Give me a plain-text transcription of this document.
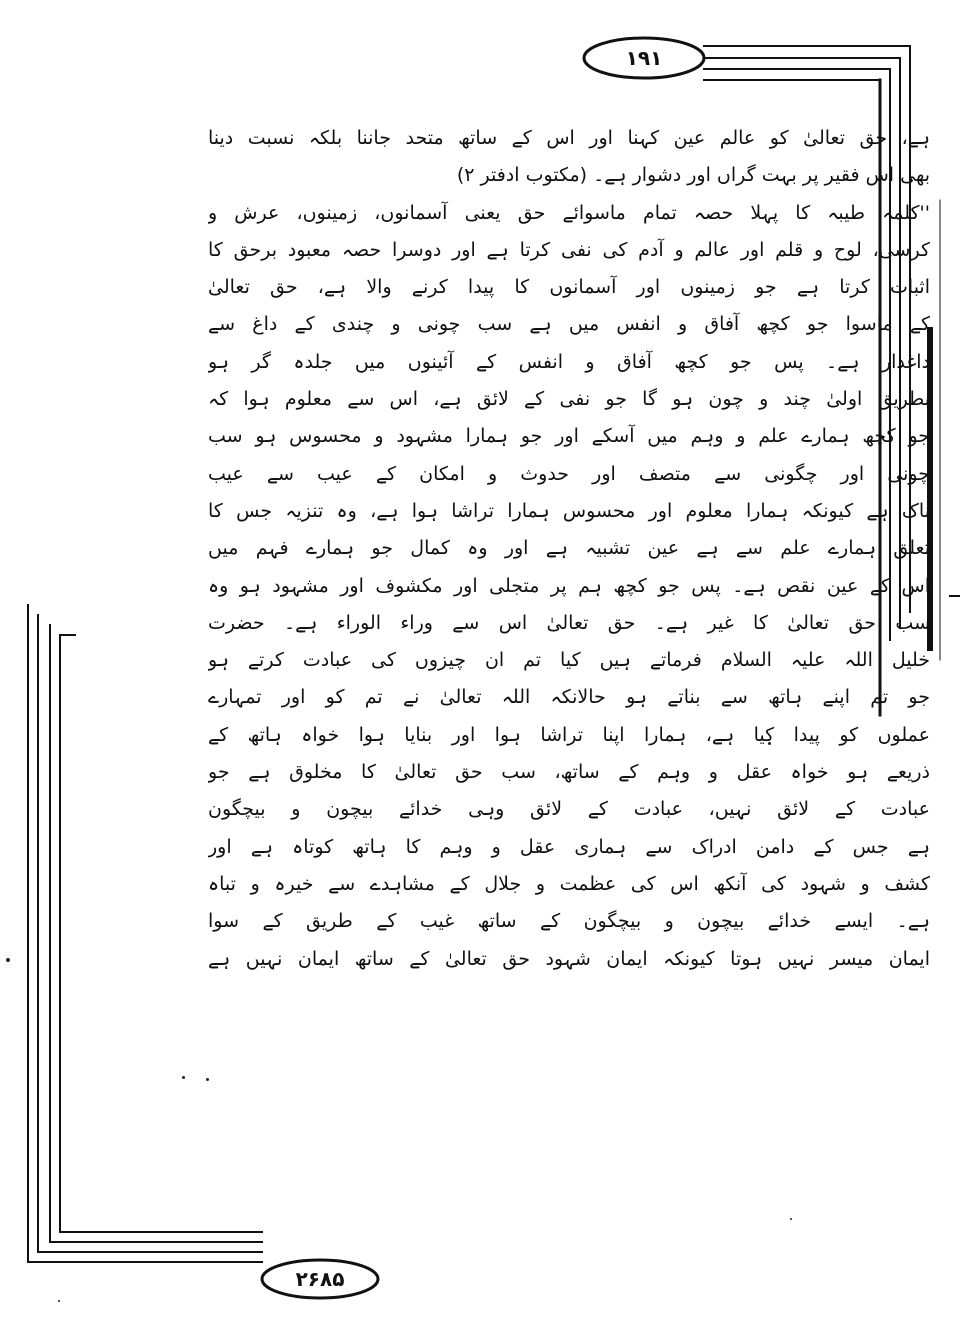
۱۹۱
۲۶۸۵
ہے، حق تعالیٰ کو عالم عین کہنا اور اس کے ساتھ متحد جاننا بلکہ نسبت دینا
بھی اس فقیر پر بہت گراں اور دشوار ہے۔ (مکتوب ادفتر ۲)
''کلمہ طیبہ کا پہلا حصہ تمام ماسوائے حق یعنی آسمانوں، زمینوں، عرش و
کرسی، لوح و قلم اور عالم و آدم کی نفی کرتا ہے اور دوسرا حصہ معبود برحق کا
اثبات کرتا ہے جو زمینوں اور آسمانوں کا پیدا کرنے والا ہے، حق تعالیٰ
کے ماسوا جو کچھ آفاق و انفس میں ہے سب چونی و چندی کے داغ سے
داغدار ہے۔ پس جو کچھ آفاق و انفس کے آئینوں میں جلدہ گر ہو
بطریق اولیٰ چند و چون ہو گا جو نفی کے لائق ہے، اس سے معلوم ہوا کہ
جو کچھ ہمارے علم و وہم میں آسکے اور جو ہمارا مشہود و محسوس ہو سب
چونی اور چگونی سے متصف اور حدوث و امکان کے عیب سے عیب
ناک ہے کیونکہ ہمارا معلوم اور محسوس ہمارا تراشا ہوا ہے، وہ تنزیہ جس کا
تعلق ہمارے علم سے ہے عین تشبیہ ہے اور وہ کمال جو ہمارے فہم میں
اس کے عین نقص ہے۔ پس جو کچھ ہم پر متجلی اور مکشوف اور مشہود ہو وہ
سب حق تعالیٰ کا غیر ہے۔ حق تعالیٰ اس سے وراء الوراء ہے۔ حضرت
خلیل اللہ علیہ السلام فرماتے ہیں کیا تم ان چیزوں کی عبادت کرتے ہو
جو تم اپنے ہاتھ سے بناتے ہو حالانکہ اللہ تعالیٰ نے تم کو اور تمہارے
عملوں کو پیدا کیا ہے، ہمارا اپنا تراشا ہوا اور بنایا ہوا خواہ ہاتھ کے
ذریعے ہو خواہ عقل و وہم کے ساتھ، سب حق تعالیٰ کا مخلوق ہے جو
عبادت کے لائق نہیں، عبادت کے لائق وہی خدائے بیچون و بیچگون
ہے جس کے دامن ادراک سے ہماری عقل و وہم کا ہاتھ کوتاہ ہے اور
کشف و شہود کی آنکھ اس کی عظمت و جلال کے مشاہدے سے خیرہ و تباہ
ہے۔ ایسے خدائے بیچون و بیچگون کے ساتھ غیب کے طریق کے سوا
ایمان میسر نہیں ہوتا کیونکہ ایمان شہود حق تعالیٰ کے ساتھ ایمان نہیں ہے
